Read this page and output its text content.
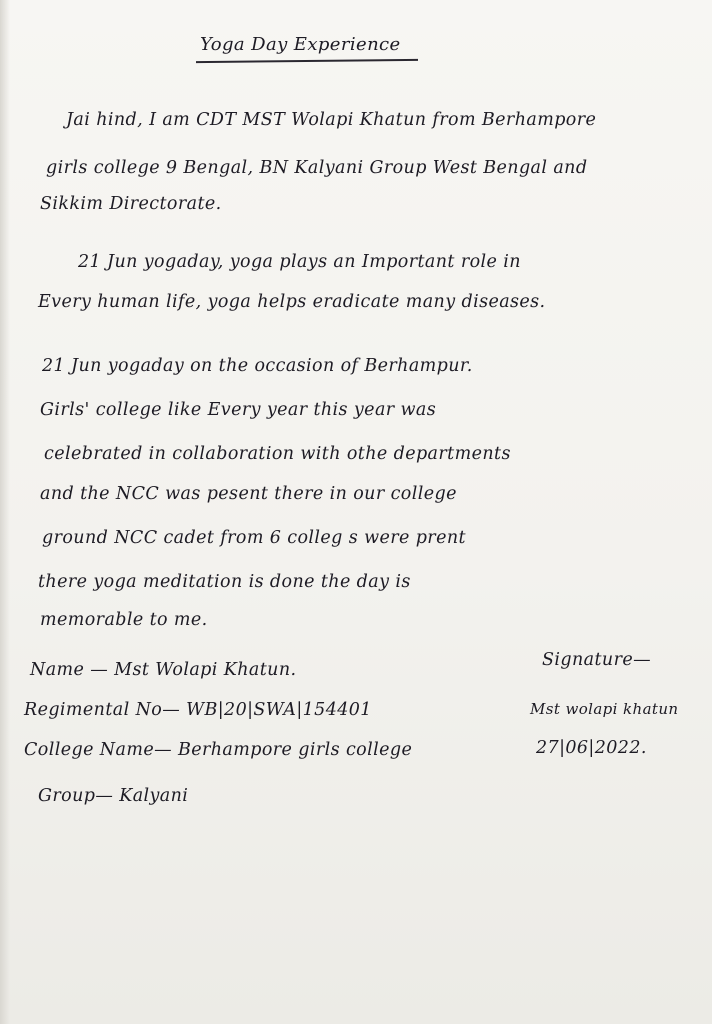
Yoga Day Experience
Jai hind, I am CDT MST Wolapi Khatun from Berhampore
girls college 9 Bengal, BN Kalyani Group West Bengal and
Sikkim Directorate.
21 Jun yogaday, yoga plays an Important role in
Every human life, yoga helps eradicate many diseases.
21 Jun yogaday on the occasion of Berhampur.
Girls' college like Every year this year was
celebrated in collaboration with othe departments
and the NCC was pesent there in our college
ground NCC cadet from 6 colleg s were prent
there yoga meditation is done the day is
memorable to me.
Name — Mst Wolapi Khatun.
Regimental No— WB|20|SWA|154401
College Name— Berhampore girls college
Group— Kalyani
Signature—
Mst wolapi khatun
27|06|2022.
